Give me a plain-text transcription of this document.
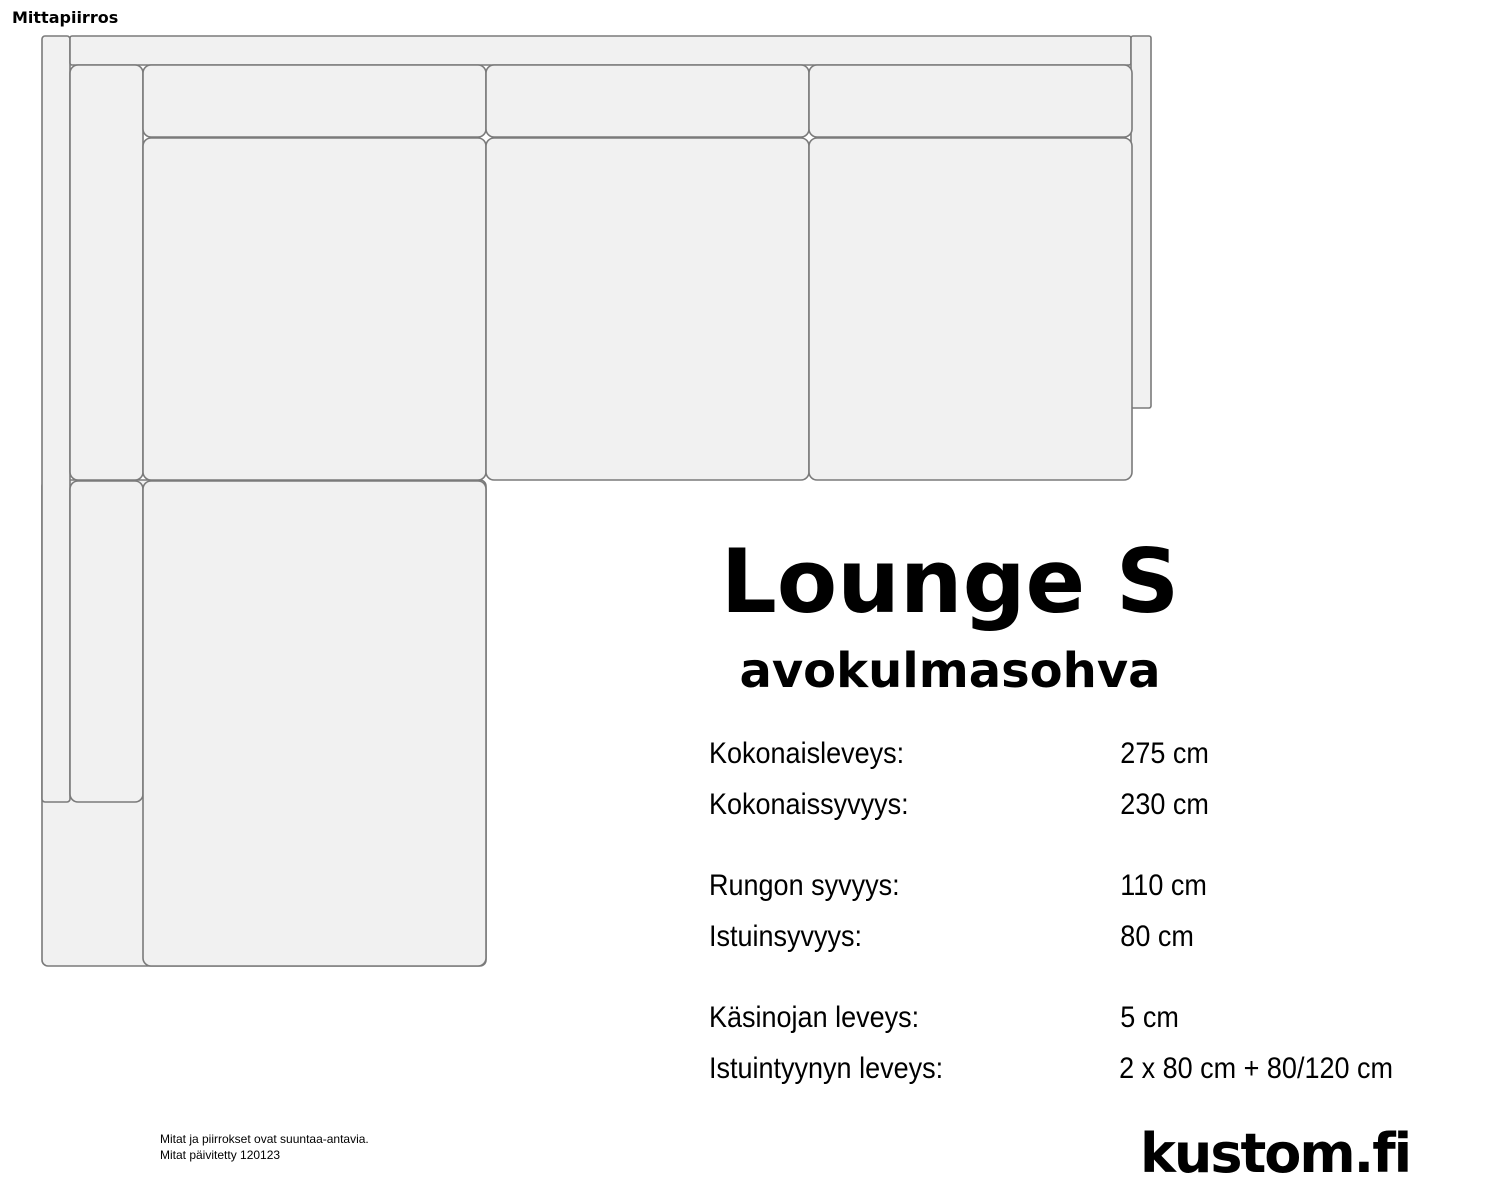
Mittapiirros
Lounge S
avokulmasohva
Kokonaisleveys:	275 cm
Kokonaissyvyys:	230 cm
Rungon syvyys:	110 cm
Istuinsyvyys:	80 cm
Käsinojan leveys:	5 cm
Istuintyynyn leveys:	2 x 80 cm + 80/120 cm
Mitat ja piirrokset ovat suuntaa-antavia.
Mitat päivitetty 120123	kustom.fi
